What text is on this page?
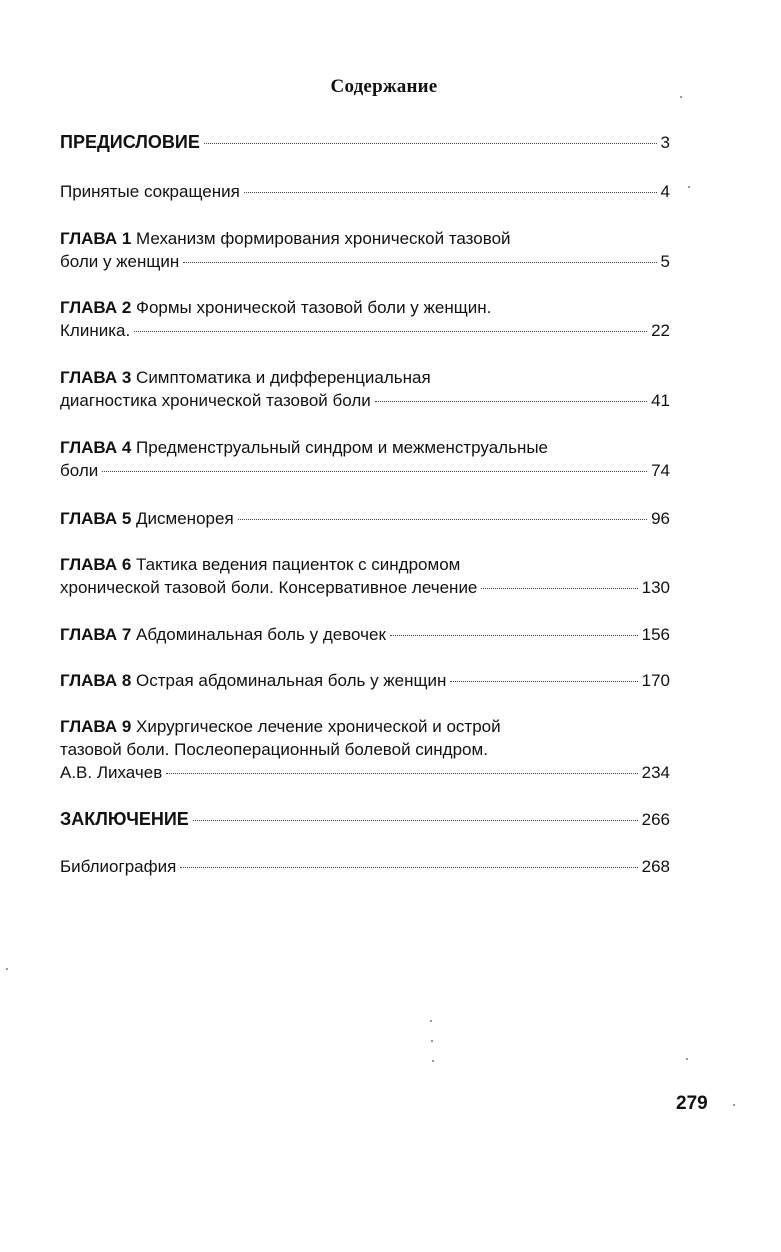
Содержание
ПРЕДИСЛОВИЕ	3
Принятые сокращения	4
ГЛАВА 1 Механизм формирования хронической тазовой
боли у женщин	5
ГЛАВА 2 Формы хронической тазовой боли у женщин.
Клиника.	22
ГЛАВА 3 Симптоматика и дифференциальная
диагностика хронической тазовой боли	41
ГЛАВА 4 Предменструальный синдром и межменструальные
боли	74
ГЛАВА 5 Дисменорея	96
ГЛАВА 6 Тактика ведения пациенток с синдромом
хронической тазовой боли. Консервативное лечение	130
ГЛАВА 7 Абдоминальная боль у девочек	156
ГЛАВА 8 Острая абдоминальная боль у женщин	170
ГЛАВА 9 Хирургическое лечение хронической и острой
тазовой боли. Послеоперационный болевой синдром.
А.В. Лихачев	234
ЗАКЛЮЧЕНИЕ	266
Библиография	268
279
